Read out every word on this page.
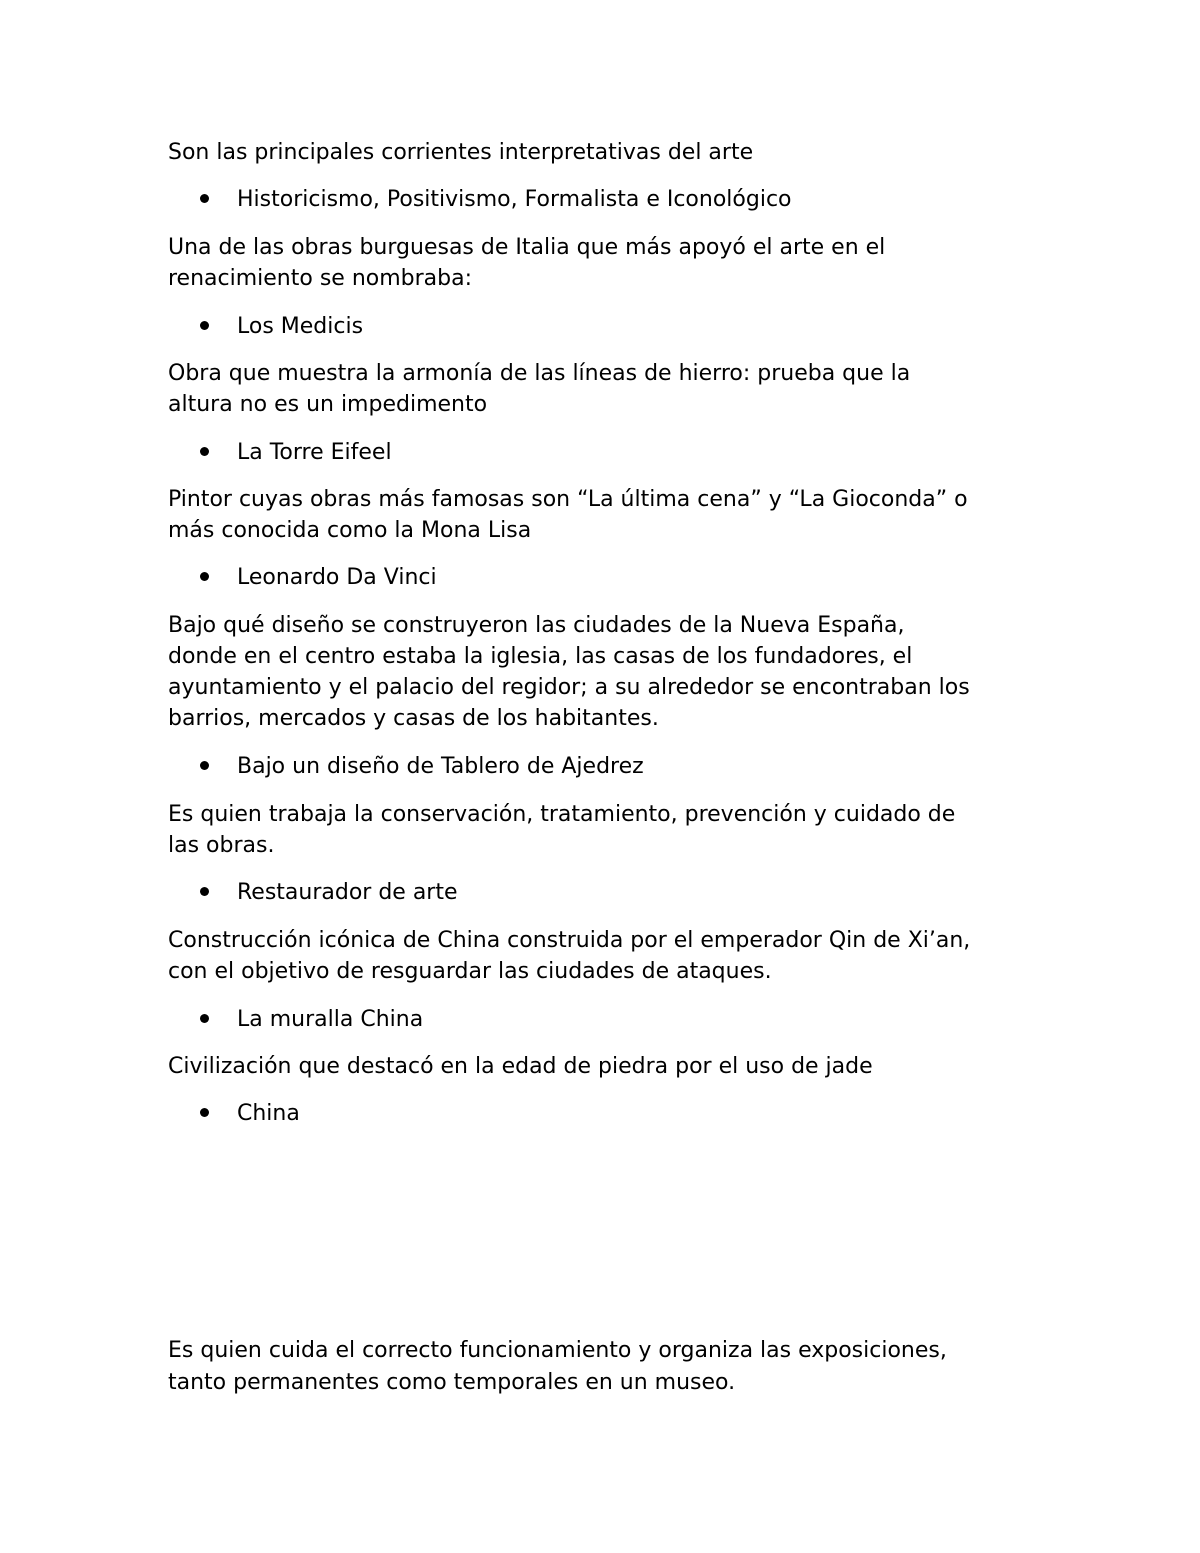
Son las principales corrientes interpretativas del arte

Historicismo, Positivismo, Formalista e Iconológico

Una de las obras burguesas de Italia que más apoyó el arte en el

renacimiento se nombraba:

Los Medicis

Obra que muestra la armonía de las líneas de hierro: prueba que la

altura no es un impedimento

La Torre Eifeel

Pintor cuyas obras más famosas son “La última cena” y “La Gioconda” o

más conocida como la Mona Lisa

Leonardo Da Vinci

Bajo qué diseño se construyeron las ciudades de la Nueva España,

donde en el centro estaba la iglesia, las casas de los fundadores, el

ayuntamiento y el palacio del regidor; a su alrededor se encontraban los

barrios, mercados y casas de los habitantes.

Bajo un diseño de Tablero de Ajedrez

Es quien trabaja la conservación, tratamiento, prevención y cuidado de

las obras.

Restaurador de arte

Construcción icónica de China construida por el emperador Qin de Xi’an,

con el objetivo de resguardar las ciudades de ataques.

La muralla China

Civilización que destacó en la edad de piedra por el uso de jade

China

Es quien cuida el correcto funcionamiento y organiza las exposiciones,

tanto permanentes como temporales en un museo.
